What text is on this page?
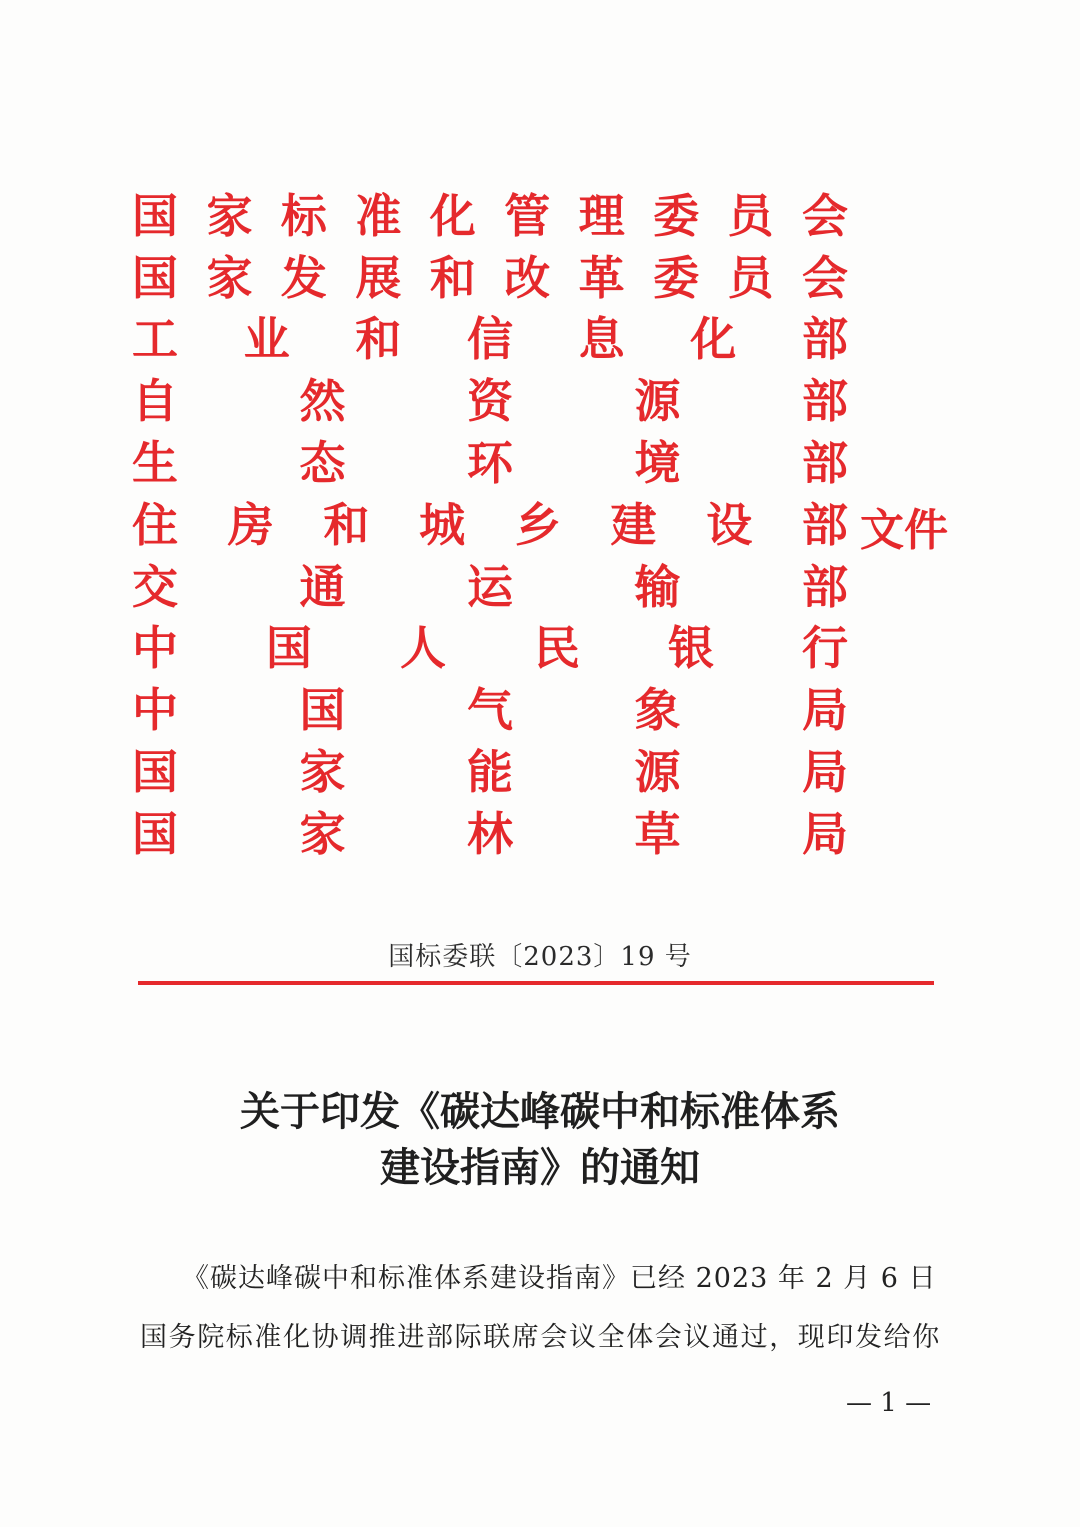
国 家 标 准 化 管 理 委 员 会
国 家 发 展 和 改 革 委 员 会
工 业 和 信 息 化 部
自	然	资	源	部
生	态	环	境	部
住 房 和 城 乡 建 设 部
交	通	运	输	部
中 国 人 民 银 行
中	国	气	象	局
国	家	能	源	局
国	家	林	草	局
文件
国标委联〔2023〕19 号
关于印发《碳达峰碳中和标准体系
建设指南》的通知
《碳达峰碳中和标准体系建设指南》已经 2023 年 2 月 6 日
国务院标准化协调推进部际联席会议全体会议通过，现印发给你
— 1 —
